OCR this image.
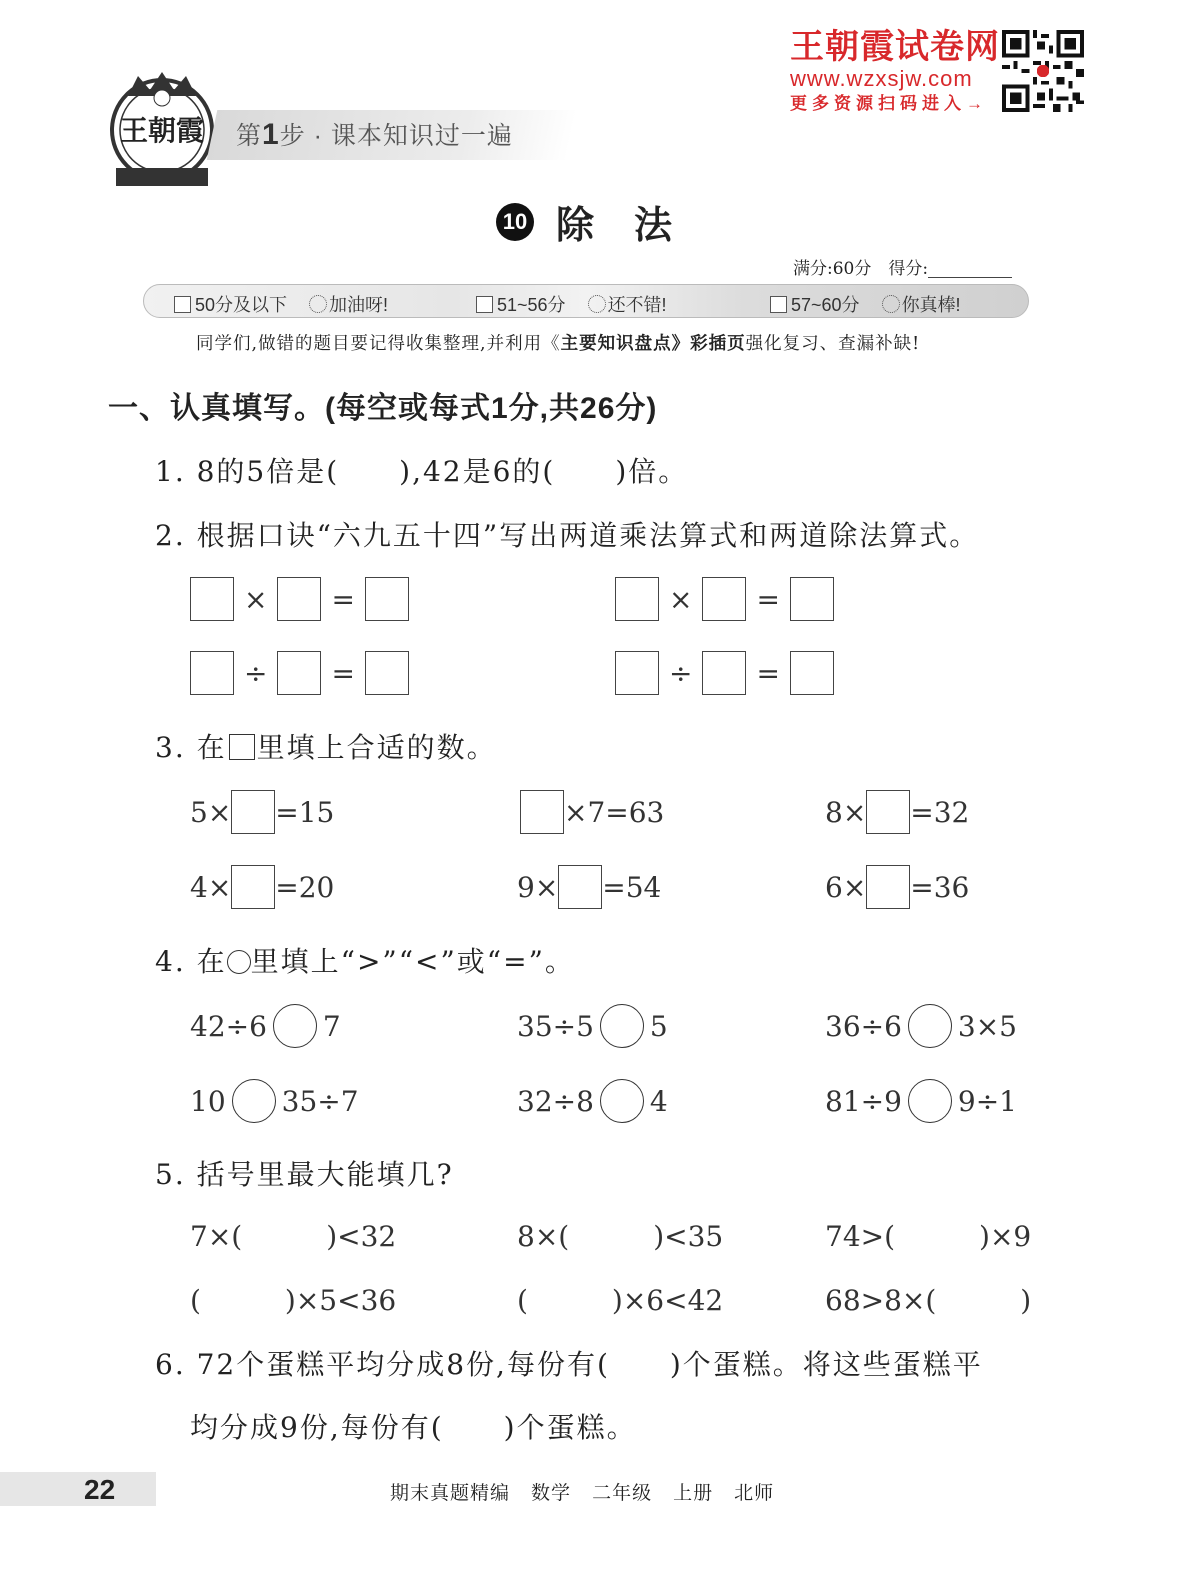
王朝霞 第1步 · 课本知识过一遍
王朝霞试卷网
www.wzxsjw.com
更多资源扫码进入→
10 除法
满分:60分　得分:
50分及以下 加油呀!	51~56分 还不错!	57~60分 你真棒!
同学们,做错的题目要记得收集整理,并利用《主要知识盘点》彩插页强化复习、查漏补缺!
一、认真填写。(每空或每式1分,共26分)
1. 8的5倍是(　　),42是6的(　　)倍。
2. 根据口诀“六九五十四”写出两道乘法算式和两道除法算式。
× =	× =
÷ =	÷ =
3. 在 里填上合适的数。
5× =15	×7=63	8× =32
4× =20	9× =54	6× =36
4. 在 里填上“>”“<”或“=”。
42÷6 7	35÷5 5	36÷6 3×5
10 35÷7	32÷8 4	81÷9 9÷1
5. 括号里最大能填几?
7×(　　　)<32	8×(　　　)<35	74>(　　　)×9
(　　　)×5<36	(　　　)×6<42	68>8×(　　　)
6. 72个蛋糕平均分成8份,每份有(　　)个蛋糕。将这些蛋糕平
均分成9份,每份有(　　)个蛋糕。
22	期末真题精编 数学 二年级 上册 北师
